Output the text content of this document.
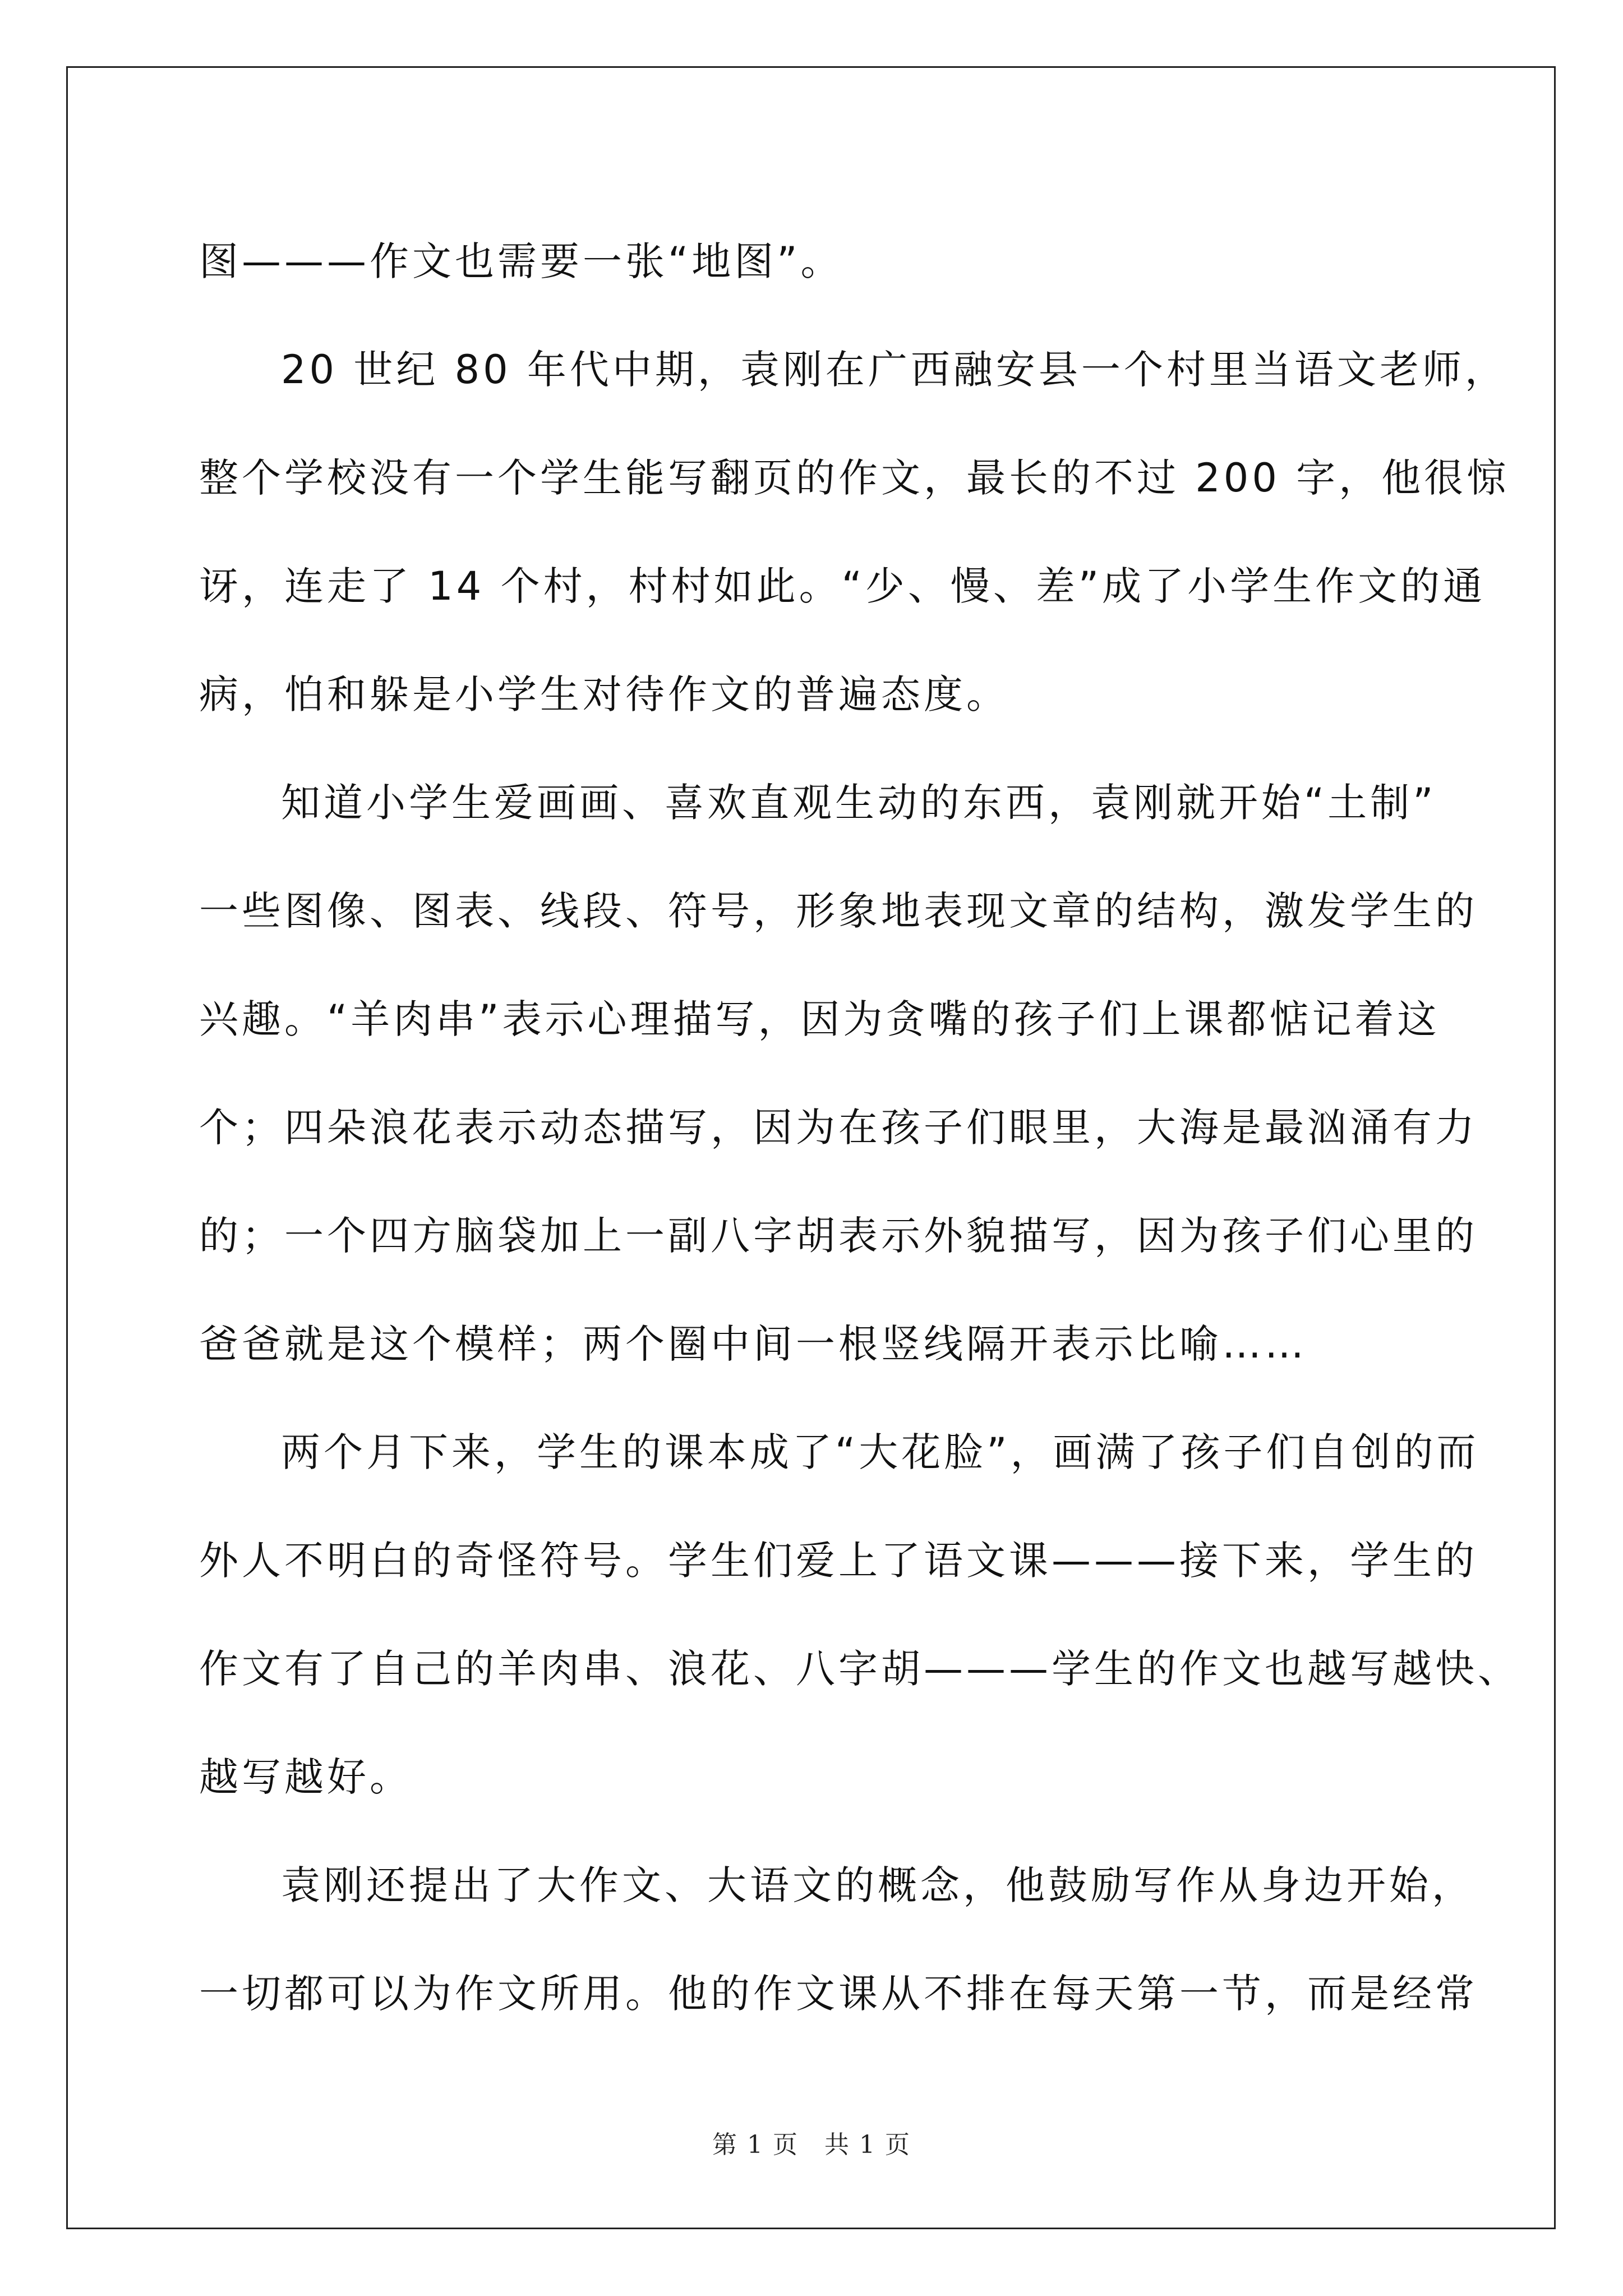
图———作文也需要一张“地图”。
20 世纪 80 年代中期，袁刚在广西融安县一个村里当语文老师，
整个学校没有一个学生能写翻页的作文，最长的不过 200 字，他很惊
讶，连走了 14 个村，村村如此。“少、慢、差”成了小学生作文的通
病，怕和躲是小学生对待作文的普遍态度。
知道小学生爱画画、喜欢直观生动的东西，袁刚就开始“土制”
一些图像、图表、线段、符号，形象地表现文章的结构，激发学生的
兴趣。“羊肉串”表示心理描写，因为贪嘴的孩子们上课都惦记着这
个；四朵浪花表示动态描写，因为在孩子们眼里，大海是最汹涌有力
的；一个四方脑袋加上一副八字胡表示外貌描写，因为孩子们心里的
爸爸就是这个模样；两个圈中间一根竖线隔开表示比喻……
两个月下来，学生的课本成了“大花脸”，画满了孩子们自创的而
外人不明白的奇怪符号。学生们爱上了语文课———接下来，学生的
作文有了自己的羊肉串、浪花、八字胡———学生的作文也越写越快、
越写越好。
袁刚还提出了大作文、大语文的概念，他鼓励写作从身边开始，
一切都可以为作文所用。他的作文课从不排在每天第一节，而是经常
第 1 页 共 1 页
